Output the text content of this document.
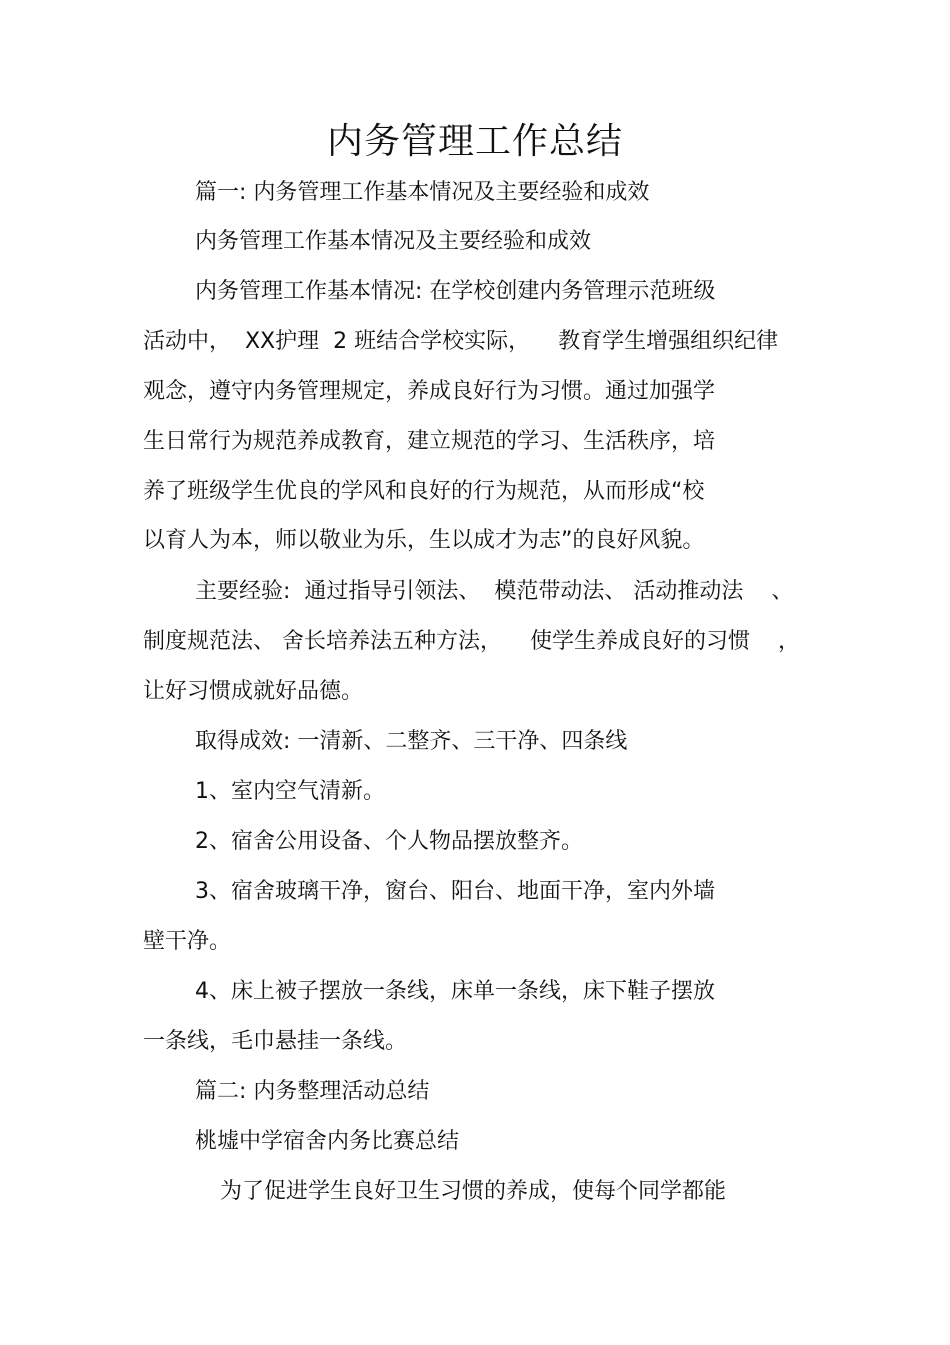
内务管理工作总结

篇一: 内务管理工作基本情况及主要经验和成效

内务管理工作基本情况及主要经验和成效

内务管理工作基本情况: 在学校创建内务管理示范班级

活动中，  XX护理  2 班结合学校实际，    教育学生增强组织纪律

观念，遵守内务管理规定，养成良好行为习惯。通过加强学

生日常行为规范养成教育，建立规范的学习、生活秩序，培

养了班级学生优良的学风和良好的行为规范，从而形成“校

以育人为本，师以敬业为乐，生以成才为志”的良好风貌。

主要经验:  通过指导引领法、  模范带动法、 活动推动法    、

制度规范法、 舍长培养法五种方法，    使学生养成良好的习惯    ，

让好习惯成就好品德。

取得成效: 一清新、二整齐、三干净、四条线

1、室内空气清新。

2、宿舍公用设备、个人物品摆放整齐。

3、宿舍玻璃干净，窗台、阳台、地面干净，室内外墙

壁干净。

4、床上被子摆放一条线，床单一条线，床下鞋子摆放

一条线，毛巾悬挂一条线。

篇二: 内务整理活动总结

桃墟中学宿舍内务比赛总结

为了促进学生良好卫生习惯的养成，使每个同学都能
